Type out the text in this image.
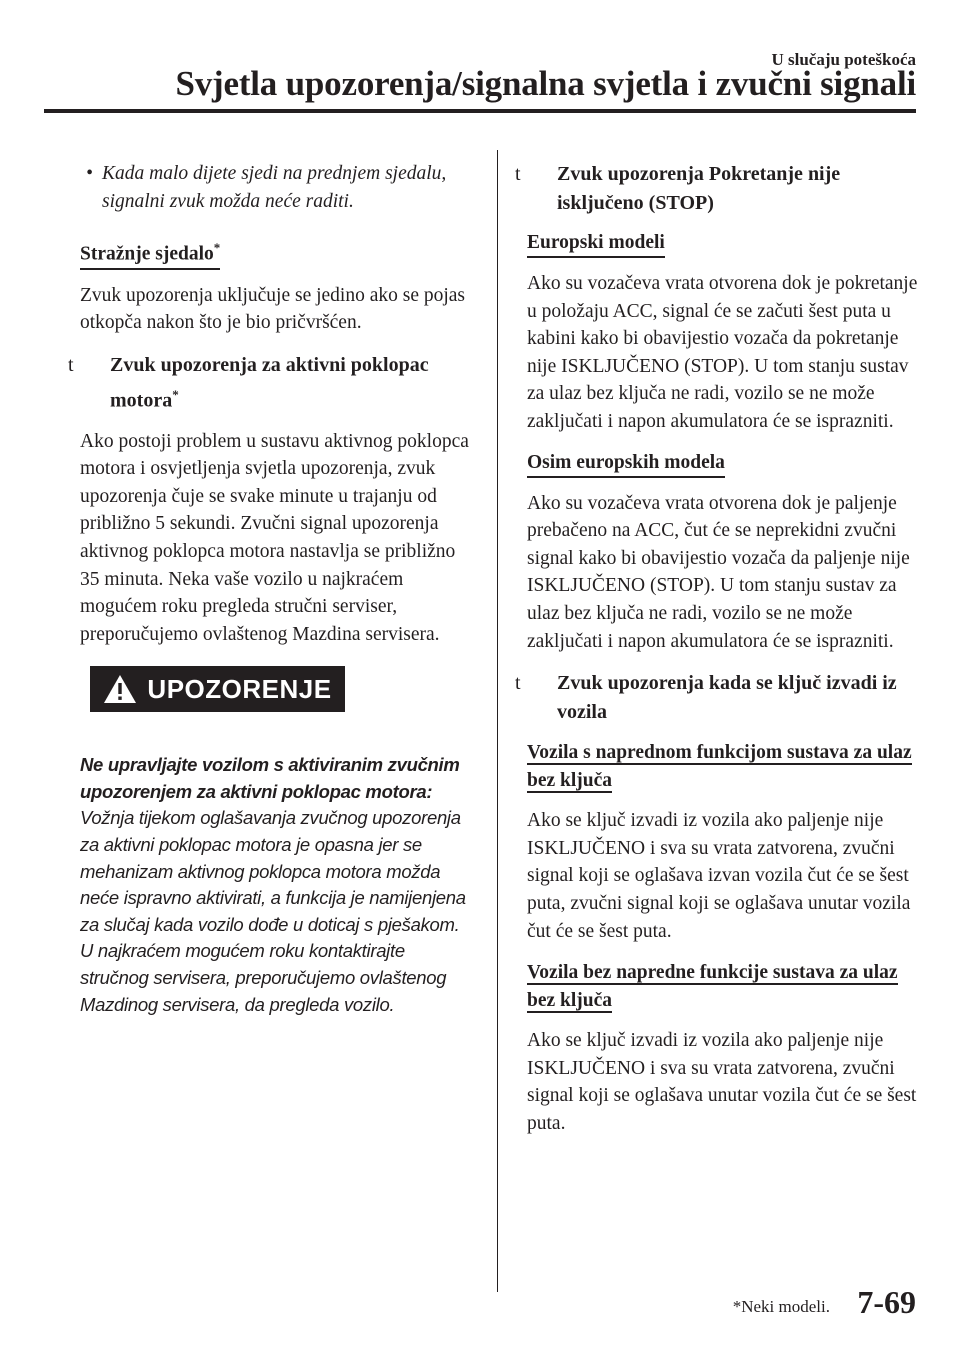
U slučaju poteškoća
Svjetla upozorenja/signalna svjetla i zvučni signali
• Kada malo dijete sjedi na prednjem sjedalu, signalni zvuk možda neće raditi.
Stražnje sjedalo*

Zvuk upozorenja uključuje se jedino ako se pojas otkopča nakon što je bio pričvršćen.

t Zvuk upozorenja za aktivni poklopac motora*

Ako postoji problem u sustavu aktivnog poklopca motora i osvjetljenja svjetla upozorenja, zvuk upozorenja čuje se svake minute u trajanju od približno 5 sekundi. Zvučni signal upozorenja aktivnog poklopca motora nastavlja se približno 35 minuta. Neka vaše vozilo u najkraćem mogućem roku pregleda stručni serviser, preporučujemo ovlaštenog Mazdina servisera.

UPOZORENJE
Ne upravljajte vozilom s aktiviranim zvučnim upozorenjem za aktivni poklopac motora:
Vožnja tijekom oglašavanja zvučnog upozorenja za aktivni poklopac motora je opasna jer se mehanizam aktivnog poklopca motora možda neće ispravno aktivirati, a funkcija je namijenjena za slučaj kada vozilo dođe u doticaj s pješakom. U najkraćem mogućem roku kontaktirajte stručnog servisera, preporučujemo ovlaštenog Mazdinog servisera, da pregleda vozilo.
t Zvuk upozorenja Pokretanje nije isključeno (STOP)
Europski modeli

Ako su vozačeva vrata otvorena dok je pokretanje u položaju ACC, signal će se začuti šest puta u kabini kako bi obavijestio vozača da pokretanje nije ISKLJUČENO (STOP). U tom stanju sustav za ulaz bez ključa ne radi, vozilo se ne može zaključati i napon akumulatora će se isprazniti.

Osim europskih modela

Ako su vozačeva vrata otvorena dok je paljenje prebačeno na ACC, čut će se neprekidni zvučni signal kako bi obavijestio vozača da paljenje nije ISKLJUČENO (STOP). U tom stanju sustav za ulaz bez ključa ne radi, vozilo se ne može zaključati i napon akumulatora će se isprazniti.

t Zvuk upozorenja kada se ključ izvadi iz vozila
Vozila s naprednom funkcijom sustava za ulaz bez ključa

Ako se ključ izvadi iz vozila ako paljenje nije ISKLJUČENO i sva su vrata zatvorena, zvučni signal koji se oglašava izvan vozila čut će se šest puta, zvučni signal koji se oglašava unutar vozila čut će se šest puta.

Vozila bez napredne funkcije sustava za ulaz bez ključa

Ako se ključ izvadi iz vozila ako paljenje nije ISKLJUČENO i sva su vrata zatvorena, zvučni signal koji se oglašava unutar vozila čut će se šest puta.

*Neki modeli. 7-69
